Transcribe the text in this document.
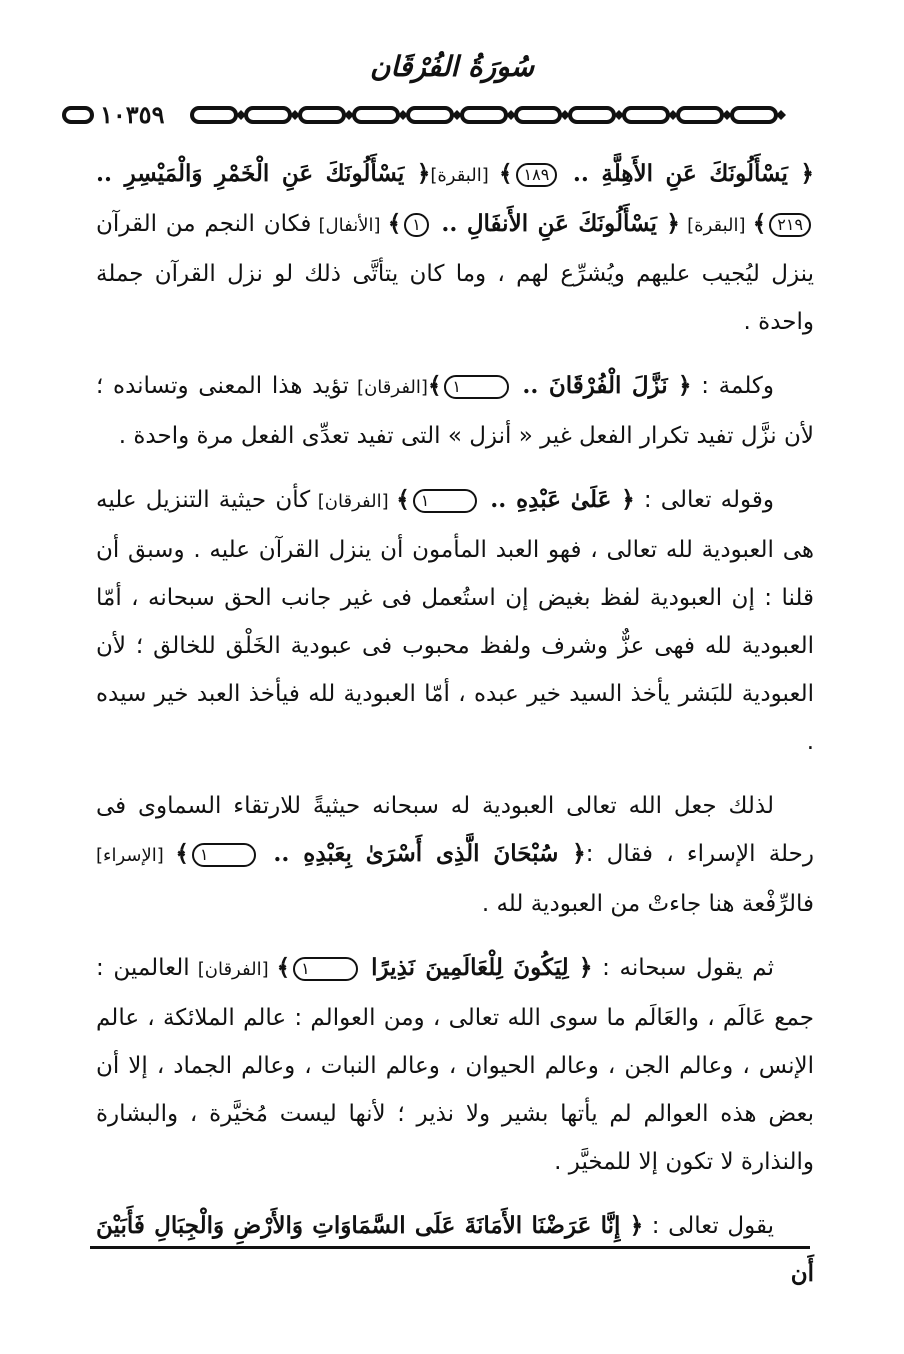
سُورَةُ الفُرْقَان
١٠٣٥٩

﴿ يَسْأَلُونَكَ عَنِ الأَهِلَّةِ .. ١٨٩﴾ [البقرة]﴿ يَسْأَلُونَكَ عَنِ الْخَمْرِ وَالْمَيْسِرِ .. ٢١٩﴾ [البقرة] ﴿ يَسْأَلُونَكَ عَنِ الأَنفَالِ .. ١﴾ [الأنفال] فكان النجم من القرآن ينزل ليُجيب عليهم ويُشرِّع لهم ، وما كان يتأتَّى ذلك لو نزل القرآن جملة واحدة .

وكلمة : ﴿ نَزَّلَ الْفُرْقَانَ .. ١﴾[الفرقان] تؤيد هذا المعنى وتسانده ؛ لأن نزَّل تفيد تكرار الفعل غير « أنزل » التى تفيد تعدِّى الفعل مرة واحدة .

وقوله تعالى : ﴿ عَلَىٰ عَبْدِهِ .. ١﴾ [الفرقان] كأن حيثية التنزيل عليه هى العبودية لله تعالى ، فهو العبد المأمون أن ينزل القرآن عليه . وسبق أن قلنا : إن العبودية لفظ بغيض إن استُعمل فى غير جانب الحق سبحانه ، أمّا العبودية لله فهى عزٌّ وشرف ولفظ محبوب فى عبودية الخَلْق للخالق ؛ لأن العبودية للبَشر يأخذ السيد خير عبده ، أمّا العبودية لله فيأخذ العبد خير سيده .

لذلك جعل الله تعالى العبودية له سبحانه حيثيةً للارتقاء السماوى فى رحلة الإسراء ، فقال :﴿ سُبْحَانَ الَّذِى أَسْرَىٰ بِعَبْدِهِ .. ١﴾ [الإسراء] فالرِّفْعة هنا جاءتْ من العبودية لله .

ثم يقول سبحانه : ﴿ لِيَكُونَ لِلْعَالَمِينَ نَذِيرًا ١﴾ [الفرقان] العالمين : جمع عَالَم ، والعَالَم ما سوى الله تعالى ، ومن العوالم : عالم الملائكة ، عالم الإنس ، وعالم الجن ، وعالم الحيوان ، وعالم النبات ، وعالم الجماد ، إلا أن بعض هذه العوالم لم يأتها بشير ولا نذير ؛ لأنها ليست مُخيَّرة ، والبشارة والنذارة لا تكون إلا للمخيَّر .

يقول تعالى : ﴿ إِنَّا عَرَضْنَا الأَمَانَةَ عَلَى السَّمَاوَاتِ وَالأَرْضِ وَالْجِبَالِ فَأَبَيْنَ أَن
